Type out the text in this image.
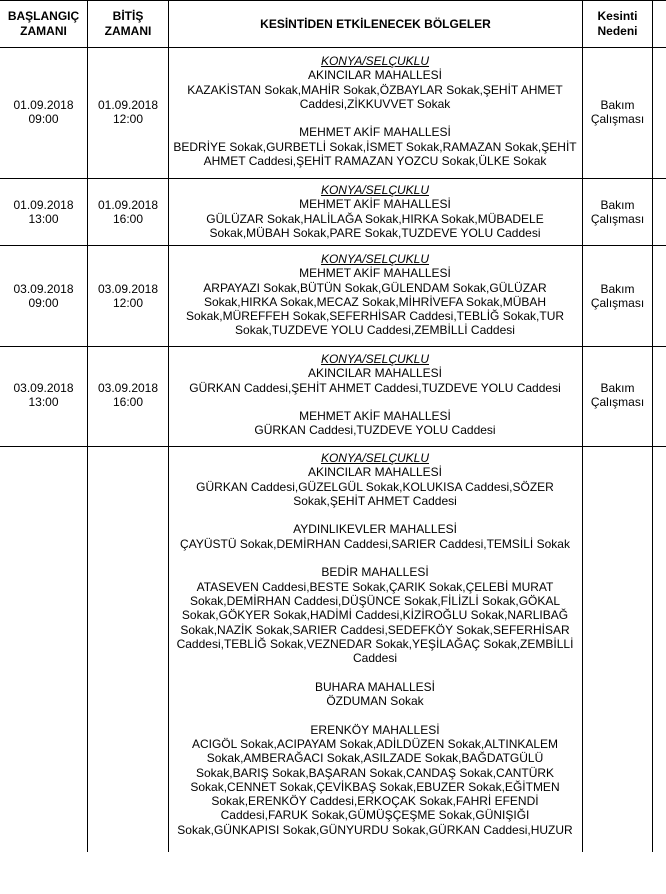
BAŞLANGIÇ ZAMANI
BİTİŞ ZAMANI	KESİNTİDEN ETKİLENECEK BÖLGELER
Kesinti Nedeni
01.09.2018 09:00
01.09.2018 12:00
Bakım Çalışması
KONYA/SELÇUKLU
AKINCILAR MAHALLESİ
KAZAKİSTAN Sokak,MAHİR Sokak,ÖZBAYLAR Sokak,ŞEHİT AHMET
Caddesi,ZİKKUVVET Sokak
MEHMET AKİF MAHALLESİ
BEDRİYE Sokak,GURBETLİ Sokak,İSMET Sokak,RAMAZAN Sokak,ŞEHİT
AHMET Caddesi,ŞEHİT RAMAZAN YOZCU Sokak,ÜLKE Sokak
01.09.2018 13:00
01.09.2018 16:00
Bakım Çalışması
KONYA/SELÇUKLU
MEHMET AKİF MAHALLESİ
GÜLÜZAR Sokak,HALİLAĞA Sokak,HIRKA Sokak,MÜBADELE
Sokak,MÜBAH Sokak,PARE Sokak,TUZDEVE YOLU Caddesi
03.09.2018 09:00
03.09.2018 12:00
Bakım Çalışması
KONYA/SELÇUKLU
MEHMET AKİF MAHALLESİ
ARPAYAZI Sokak,BÜTÜN Sokak,GÜLENDAM Sokak,GÜLÜZAR
Sokak,HIRKA Sokak,MECAZ Sokak,MİHRİVEFA Sokak,MÜBAH
Sokak,MÜREFFEH Sokak,SEFERHİSAR Caddesi,TEBLİĞ Sokak,TUR
Sokak,TUZDEVE YOLU Caddesi,ZEMBİLLİ Caddesi
03.09.2018 13:00
03.09.2018 16:00
Bakım Çalışması
KONYA/SELÇUKLU
AKINCILAR MAHALLESİ
GÜRKAN Caddesi,ŞEHİT AHMET Caddesi,TUZDEVE YOLU Caddesi
MEHMET AKİF MAHALLESİ
GÜRKAN Caddesi,TUZDEVE YOLU Caddesi
KONYA/SELÇUKLU
AKINCILAR MAHALLESİ
GÜRKAN Caddesi,GÜZELGÜL Sokak,KOLUKISA Caddesi,SÖZER
Sokak,ŞEHİT AHMET Caddesi
AYDINLIKEVLER MAHALLESİ
ÇAYÜSTÜ Sokak,DEMİRHAN Caddesi,SARIER Caddesi,TEMSİLİ Sokak
BEDİR MAHALLESİ
ATASEVEN Caddesi,BESTE Sokak,ÇARIK Sokak,ÇELEBİ MURAT
Sokak,DEMİRHAN Caddesi,DÜŞÜNCE Sokak,FİLİZLİ Sokak,GÖKAL
Sokak,GÖKYER Sokak,HADİMİ Caddesi,KİZİROĞLU Sokak,NARLIBAĞ
Sokak,NAZİK Sokak,SARIER Caddesi,SEDEFKÖY Sokak,SEFERHİSAR
Caddesi,TEBLİĞ Sokak,VEZNEDAR Sokak,YEŞİLAĞAÇ Sokak,ZEMBİLLİ
Caddesi
BUHARA MAHALLESİ
ÖZDUMAN Sokak
ERENKÖY MAHALLESİ
ACIGÖL Sokak,ACIPAYAM Sokak,ADİLDÜZEN Sokak,ALTINKALEM
Sokak,AMBERAĞACI Sokak,ASILZADE Sokak,BAĞDATGÜLÜ
Sokak,BARIŞ Sokak,BAŞARAN Sokak,CANDAŞ Sokak,CANTÜRK
Sokak,CENNET Sokak,ÇEVİKBAŞ Sokak,EBUZER Sokak,EĞİTMEN
Sokak,ERENKÖY Caddesi,ERKOÇAK Sokak,FAHRİ EFENDİ
Caddesi,FARUK Sokak,GÜMÜŞÇEŞME Sokak,GÜNIŞIĞI
Sokak,GÜNKAPISI Sokak,GÜNYURDU Sokak,GÜRKAN Caddesi,HUZUR
